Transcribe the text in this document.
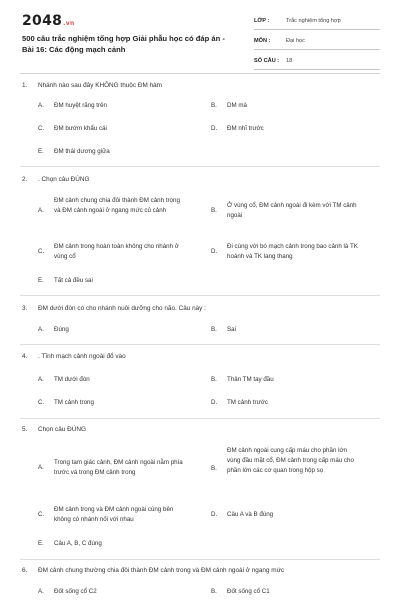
2048.vn
500 câu trắc nghiệm tổng hợp Giải phẫu học có đáp án - Bài 16: Các động mạch cảnh
LỚP :	Trắc nghiệm tổng hợp
MÔN :	Đại học
SỐ CÂU : 18
1. Nhánh nào sau đây KHÔNG thuộc ĐM hàm
A. ĐM huyệt răng trên	B. DM má
C. ĐM bướm khẩu cái	D. ĐM nhĩ trước
E. ĐM thái dương giữa
2. . Chọn câu ĐÚNG
A.
ĐM cảnh chung chia đôi thành ĐM cảnh trong và ĐM cảnh ngoài ở ngang mức củ cảnh	B.
Ở vùng cổ, ĐM cảnh ngoài đi kèm với TM cảnh ngoài
C.
ĐM cảnh trong hoàn toàn không cho nhánh ở vùng cổ
D.
Đi cùng với bó mạch cảnh trong bao cảnh là TK hoành và TK lang thang
E. Tất cả đều sai
3. ĐM dưới đòn có cho nhánh nuôi dưỡng cho não. Câu này :
A. Đúng	B. Sai
4. . Tĩnh mạch cảnh ngoài đổ vào
A. TM dưới đòn	B. Thân TM tay đầu
C. TM cảnh trong	D. TM cảnh trước
5. Chọn câu ĐÚNG
A.
Trong tam giác cảnh, ĐM cảnh ngoài nằm phía trước và trong ĐM cảnh trong
B.
ĐM cảnh ngoài cung cấp máu cho phần lớn vùng đầu mặt cổ, ĐM cảnh trong cấp máu cho phần lớn các cơ quan trong hộp sọ
C.
ĐM cảnh trong và ĐM cảnh ngoài cùng bên không có nhánh nối với nhau
D. Câu A và B đúng
E. Câu A, B, C đúng
6. ĐM cảnh chung thường chia đôi thành ĐM cảnh trong và ĐM cảnh ngoài ở ngang mức
A. Đốt sống cổ C2	B. Đốt sống cổ C1
